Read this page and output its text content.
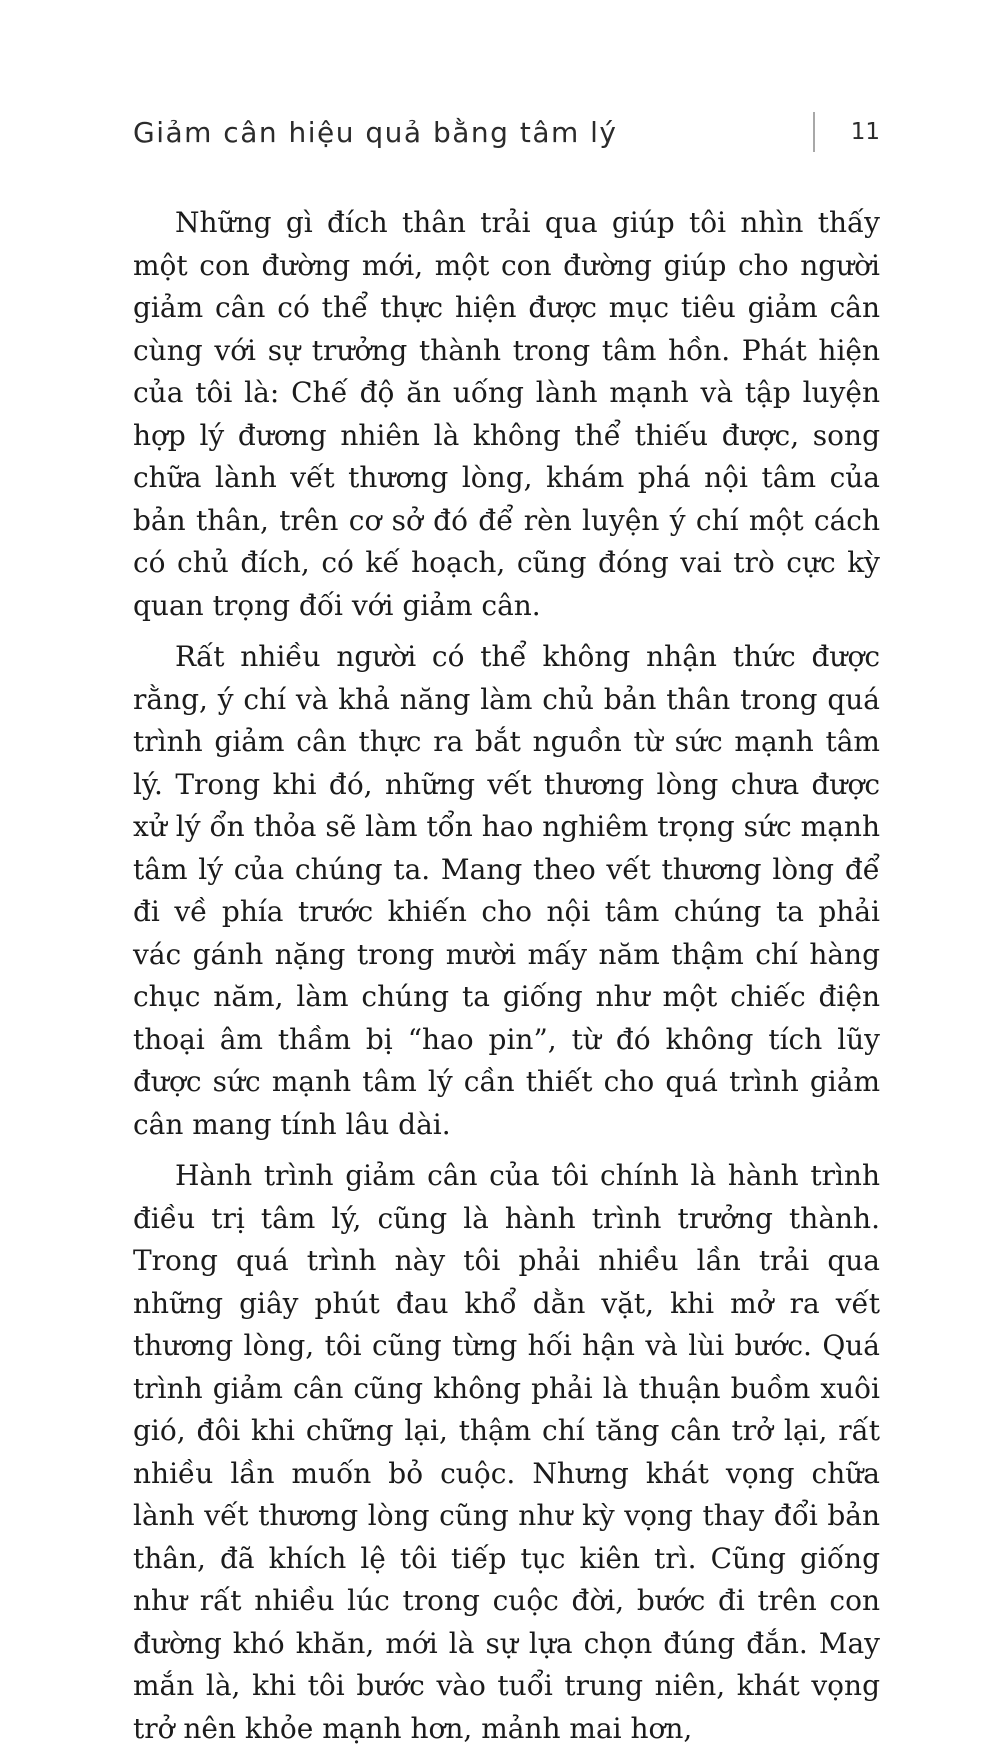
Giảm cân hiệu quả bằng tâm lý	11

Những gì đích thân trải qua giúp tôi nhìn thấy một con đường mới, một con đường giúp cho người giảm cân có thể thực hiện được mục tiêu giảm cân cùng với sự trưởng thành trong tâm hồn. Phát hiện của tôi là: Chế độ ăn uống lành mạnh và tập luyện hợp lý đương nhiên là không thể thiếu được, song chữa lành vết thương lòng, khám phá nội tâm của bản thân, trên cơ sở đó để rèn luyện ý chí một cách có chủ đích, có kế hoạch, cũng đóng vai trò cực kỳ quan trọng đối với giảm cân.

Rất nhiều người có thể không nhận thức được rằng, ý chí và khả năng làm chủ bản thân trong quá trình giảm cân thực ra bắt nguồn từ sức mạnh tâm lý. Trong khi đó, những vết thương lòng chưa được xử lý ổn thỏa sẽ làm tổn hao nghiêm trọng sức mạnh tâm lý của chúng ta. Mang theo vết thương lòng để đi về phía trước khiến cho nội tâm chúng ta phải vác gánh nặng trong mười mấy năm thậm chí hàng chục năm, làm chúng ta giống như một chiếc điện thoại âm thầm bị “hao pin”, từ đó không tích lũy được sức mạnh tâm lý cần thiết cho quá trình giảm cân mang tính lâu dài.

Hành trình giảm cân của tôi chính là hành trình điều trị tâm lý, cũng là hành trình trưởng thành. Trong quá trình này tôi phải nhiều lần trải qua những giây phút đau khổ dằn vặt, khi mở ra vết thương lòng, tôi cũng từng hối hận và lùi bước. Quá trình giảm cân cũng không phải là thuận buồm xuôi gió, đôi khi chững lại, thậm chí tăng cân trở lại, rất nhiều lần muốn bỏ cuộc. Nhưng khát vọng chữa lành vết thương lòng cũng như kỳ vọng thay đổi bản thân, đã khích lệ tôi tiếp tục kiên trì. Cũng giống như rất nhiều lúc trong cuộc đời, bước đi trên con đường khó khăn, mới là sự lựa chọn đúng đắn. May mắn là, khi tôi bước vào tuổi trung niên, khát vọng trở nên khỏe mạnh hơn, mảnh mai hơn,
